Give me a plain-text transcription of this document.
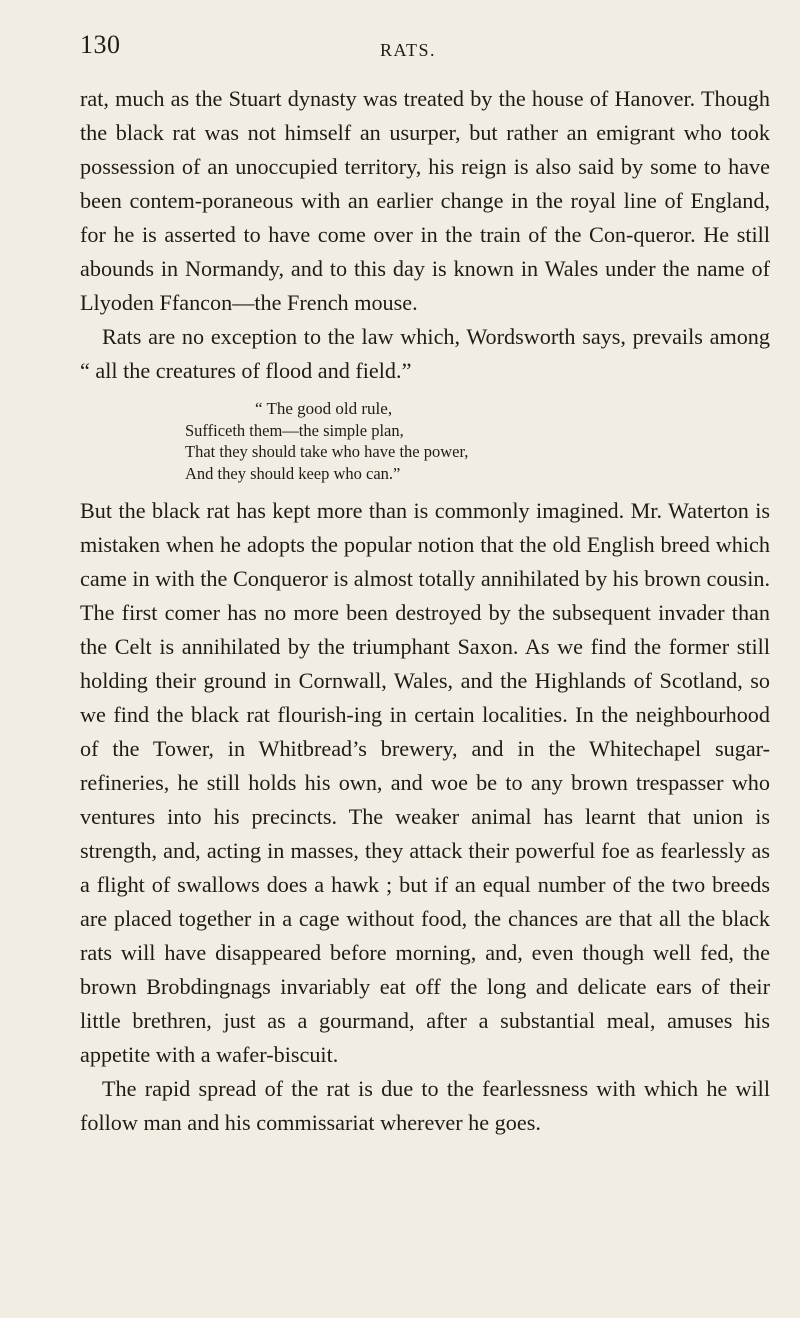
130	RATS.

rat, much as the Stuart dynasty was treated by the house of Hanover. Though the black rat was not himself an usurper, but rather an emigrant who took possession of an unoccupied territory, his reign is also said by some to have been contem-poraneous with an earlier change in the royal line of England, for he is asserted to have come over in the train of the Con-queror. He still abounds in Normandy, and to this day is known in Wales under the name of Llyoden Ffancon—the French mouse.

Rats are no exception to the law which, Wordsworth says, prevails among “ all the creatures of flood and field.”

“ The good old rule,
Sufficeth them—the simple plan,
That they should take who have the power,
And they should keep who can.”

But the black rat has kept more than is commonly imagined. Mr. Waterton is mistaken when he adopts the popular notion that the old English breed which came in with the Conqueror is almost totally annihilated by his brown cousin. The first comer has no more been destroyed by the subsequent invader than the Celt is annihilated by the triumphant Saxon. As we find the former still holding their ground in Cornwall, Wales, and the Highlands of Scotland, so we find the black rat flourish-ing in certain localities. In the neighbourhood of the Tower, in Whitbread’s brewery, and in the Whitechapel sugar-refineries, he still holds his own, and woe be to any brown trespasser who ventures into his precincts. The weaker animal has learnt that union is strength, and, acting in masses, they attack their powerful foe as fearlessly as a flight of swallows does a hawk ; but if an equal number of the two breeds are placed together in a cage without food, the chances are that all the black rats will have disappeared before morning, and, even though well fed, the brown Brobdingnags invariably eat off the long and delicate ears of their little brethren, just as a gourmand, after a substantial meal, amuses his appetite with a wafer-biscuit.

The rapid spread of the rat is due to the fearlessness with which he will follow man and his commissariat wherever he goes.
